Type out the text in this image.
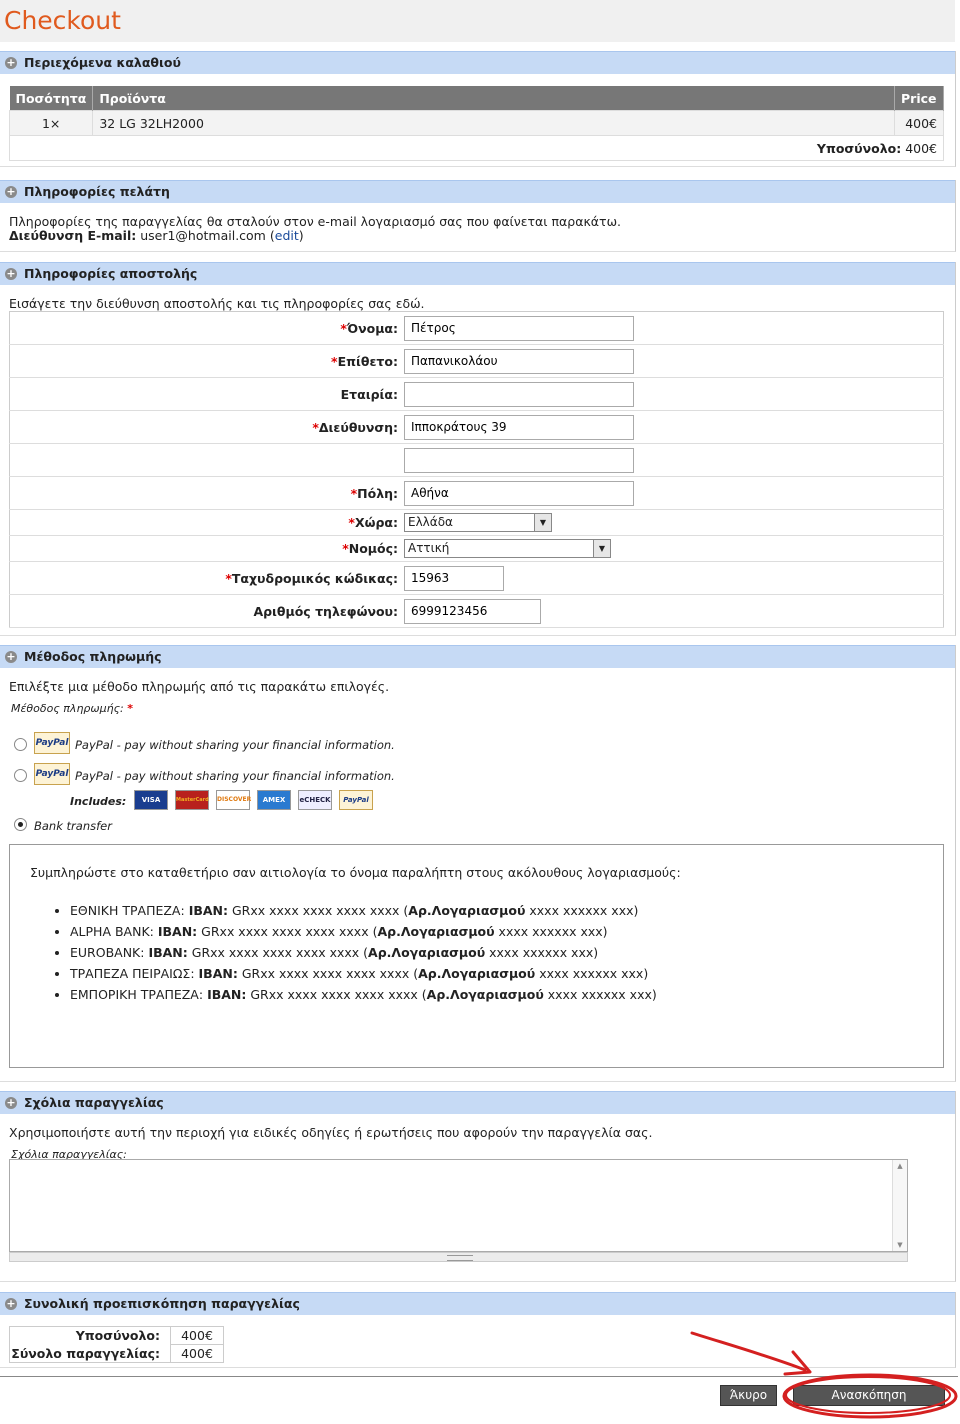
Checkout
+ Περιεχόμενα καλαθιού
Ποσότητα	Προϊόντα	Price
1×	32 LG 32LH2000	400€
Υποσύνολο: 400€		
+ Πληροφορίες πελάτη
Πληροφορίες της παραγγελίας θα σταλούν στον e-mail λογαριασμό σας που φαίνεται παρακάτω.
Διεύθυνση E-mail: user1@hotmail.com (edit)
+ Πληροφορίες αποστολής
Εισάγετε την διεύθυνση αποστολής και τις πληροφορίες σας εδώ.
*Όνομα:	Πέτρος
*Επίθετο:	Παπανικολάου
Εταιρία:	
*Διεύθυνση:	Ιπποκράτους 39

*Πόλη:	Αθήνα
*Χώρα:	Ελλάδα ▼

*Νομός:	Αττική ▼

*Ταχυδρομικός κώδικας:	15963
Αριθμός τηλεφώνου:	6999123456
+ Μέθοδος πληρωμής
Επιλέξτε μια μέθοδο πληρωμής από τις παρακάτω επιλογές.
Μέθοδος πληρωμής: *
PayPal PayPal - pay without sharing your financial information.
PayPal PayPal - pay without sharing your financial information.
Includes:	VISA	MasterCard DISCOVER	AMEX	eCHECK	PayPal
Bank transfer
Συμπληρώστε στο καταθετήριο σαν αιτιολογία το όνομα παραλήπτη στους ακόλουθους λογαριασμούς:
• ΕΘΝΙΚΗ ΤΡΑΠΕΖΑ: IBAN: GRxx xxxx xxxx xxxx xxxx (Αρ.Λογαριασμού xxxx xxxxxx xxx)
• ALPHA BANK: IBAN: GRxx xxxx xxxx xxxx xxxx (Αρ.Λογαριασμού xxxx xxxxxx xxx)
• EUROBANK: IBAN: GRxx xxxx xxxx xxxx xxxx (Αρ.Λογαριασμού xxxx xxxxxx xxx)
• ΤΡΑΠΕΖΑ ΠΕΙΡΑΙΩΣ: IBAN: GRxx xxxx xxxx xxxx xxxx (Αρ.Λογαριασμού xxxx xxxxxx xxx)
• ΕΜΠΟΡΙΚΗ ΤΡΑΠΕΖΑ: IBAN: GRxx xxxx xxxx xxxx xxxx (Αρ.Λογαριασμού xxxx xxxxxx xxx)
+ Σχόλια παραγγελίας
Χρησιμοποιήστε αυτή την περιοχή για ειδικές οδηγίες ή ερωτήσεις που αφορούν την παραγγελία σας.
Σχόλια παραγγελίας:
▲
▼
+ Συνολική προεπισκόπηση παραγγελίας
Υποσύνολο:	400€
Σύνολο παραγγελίας:	400€
Άκυρο	Ανασκόπηση παραγγελίας
